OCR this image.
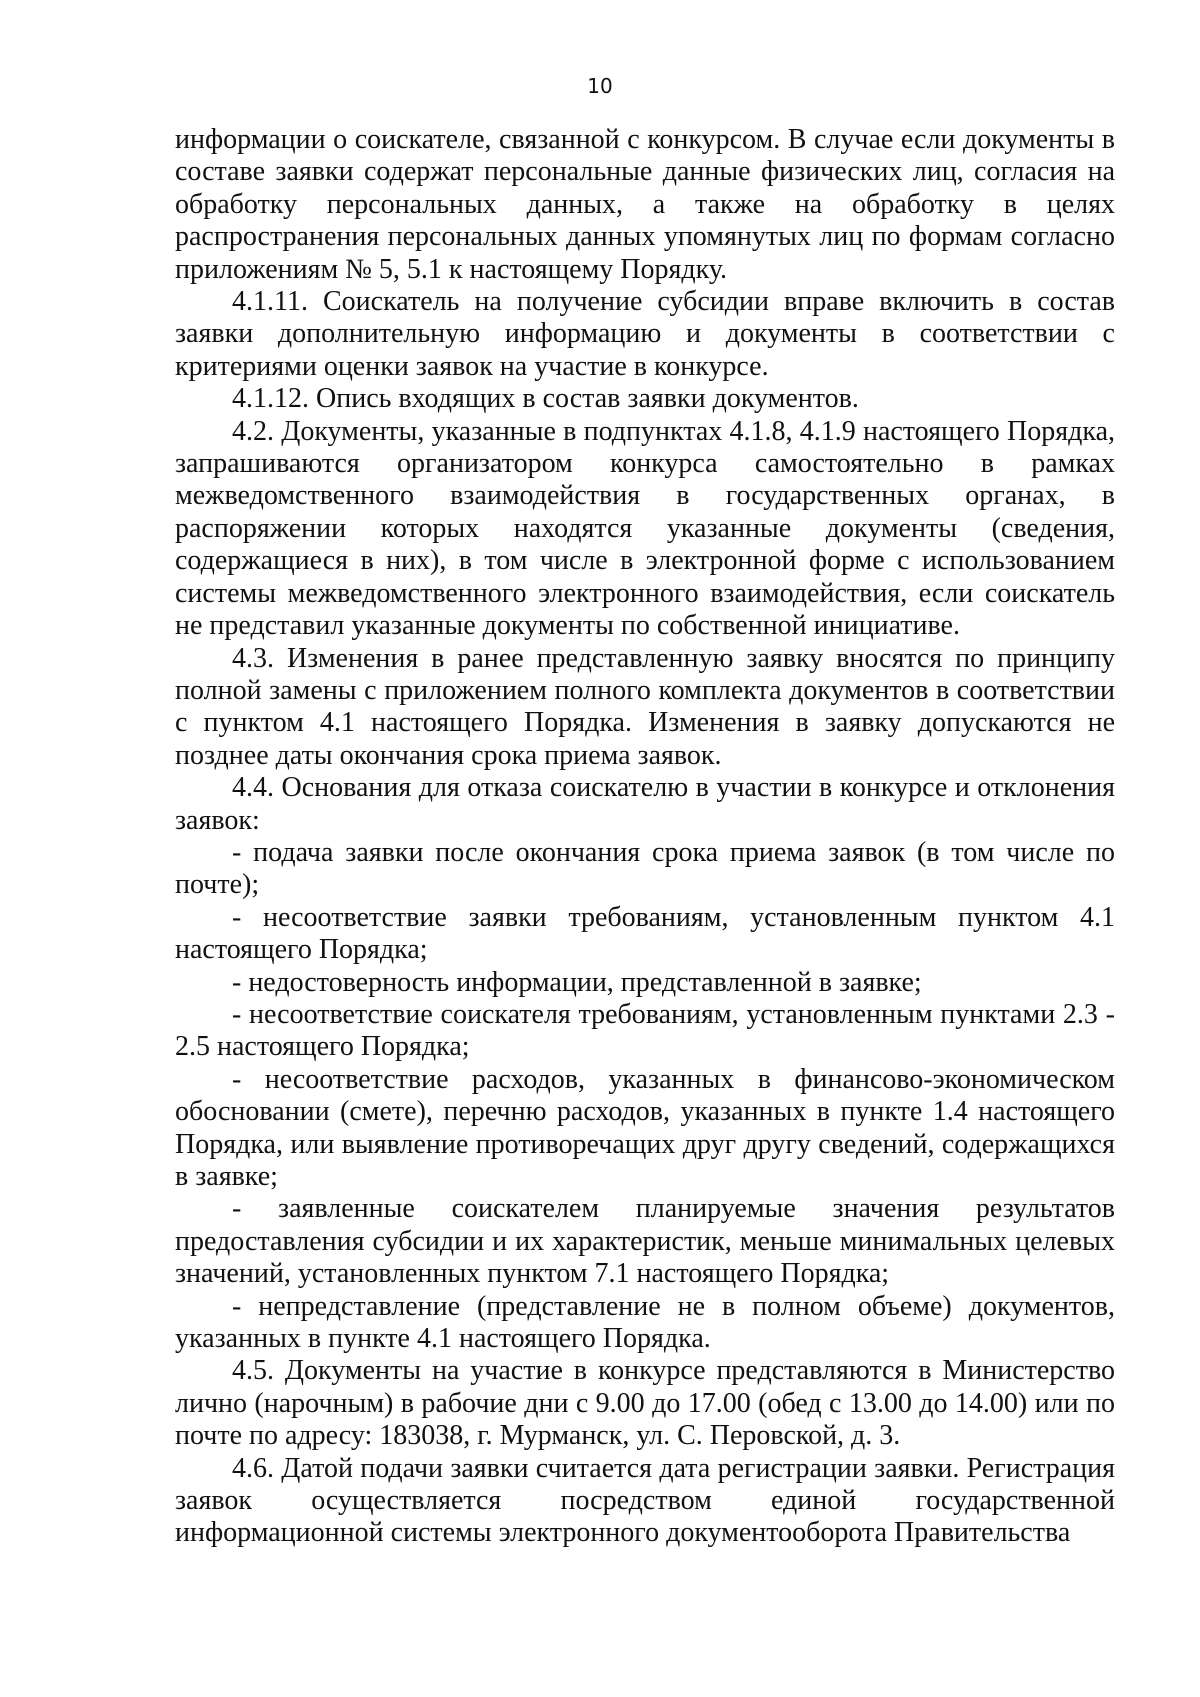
10

информации о соискателе, связанной с конкурсом. В случае если документы в составе заявки содержат персональные данные физических лиц, согласия на обработку персональных данных, а также на обработку в целях распространения персональных данных упомянутых лиц по формам согласно приложениям № 5, 5.1 к настоящему Порядку.

4.1.11. Соискатель на получение субсидии вправе включить в состав заявки дополнительную информацию и документы в соответствии с критериями оценки заявок на участие в конкурсе.

4.1.12. Опись входящих в состав заявки документов.

4.2. Документы, указанные в подпунктах 4.1.8, 4.1.9 настоящего Порядка, запрашиваются организатором конкурса самостоятельно в рамках межведомственного взаимодействия в государственных органах, в распоряжении которых находятся указанные документы (сведения, содержащиеся в них), в том числе в электронной форме с использованием системы межведомственного электронного взаимодействия, если соискатель не представил указанные документы по собственной инициативе.

4.3. Изменения в ранее представленную заявку вносятся по принципу полной замены с приложением полного комплекта документов в соответствии с пунктом 4.1 настоящего Порядка. Изменения в заявку допускаются не позднее даты окончания срока приема заявок.

4.4. Основания для отказа соискателю в участии в конкурсе и отклонения заявок:

- подача заявки после окончания срока приема заявок (в том числе по почте);

- несоответствие заявки требованиям, установленным пунктом 4.1 настоящего Порядка;

- недостоверность информации, представленной в заявке;

- несоответствие соискателя требованиям, установленным пунктами 2.3 - 2.5 настоящего Порядка;

- несоответствие расходов, указанных в финансово-экономическом обосновании (смете), перечню расходов, указанных в пункте 1.4 настоящего Порядка, или выявление противоречащих друг другу сведений, содержащихся в заявке;

- заявленные соискателем планируемые значения результатов предоставления субсидии и их характеристик, меньше минимальных целевых значений, установленных пунктом 7.1 настоящего Порядка;

- непредставление (представление не в полном объеме) документов, указанных в пункте 4.1 настоящего Порядка.

4.5. Документы на участие в конкурсе представляются в Министерство лично (нарочным) в рабочие дни с 9.00 до 17.00 (обед с 13.00 до 14.00) или по почте по адресу: 183038, г. Мурманск, ул. С. Перовской, д. 3.

4.6. Датой подачи заявки считается дата регистрации заявки. Регистрация заявок осуществляется посредством единой государственной информационной системы электронного документооборота Правительства
